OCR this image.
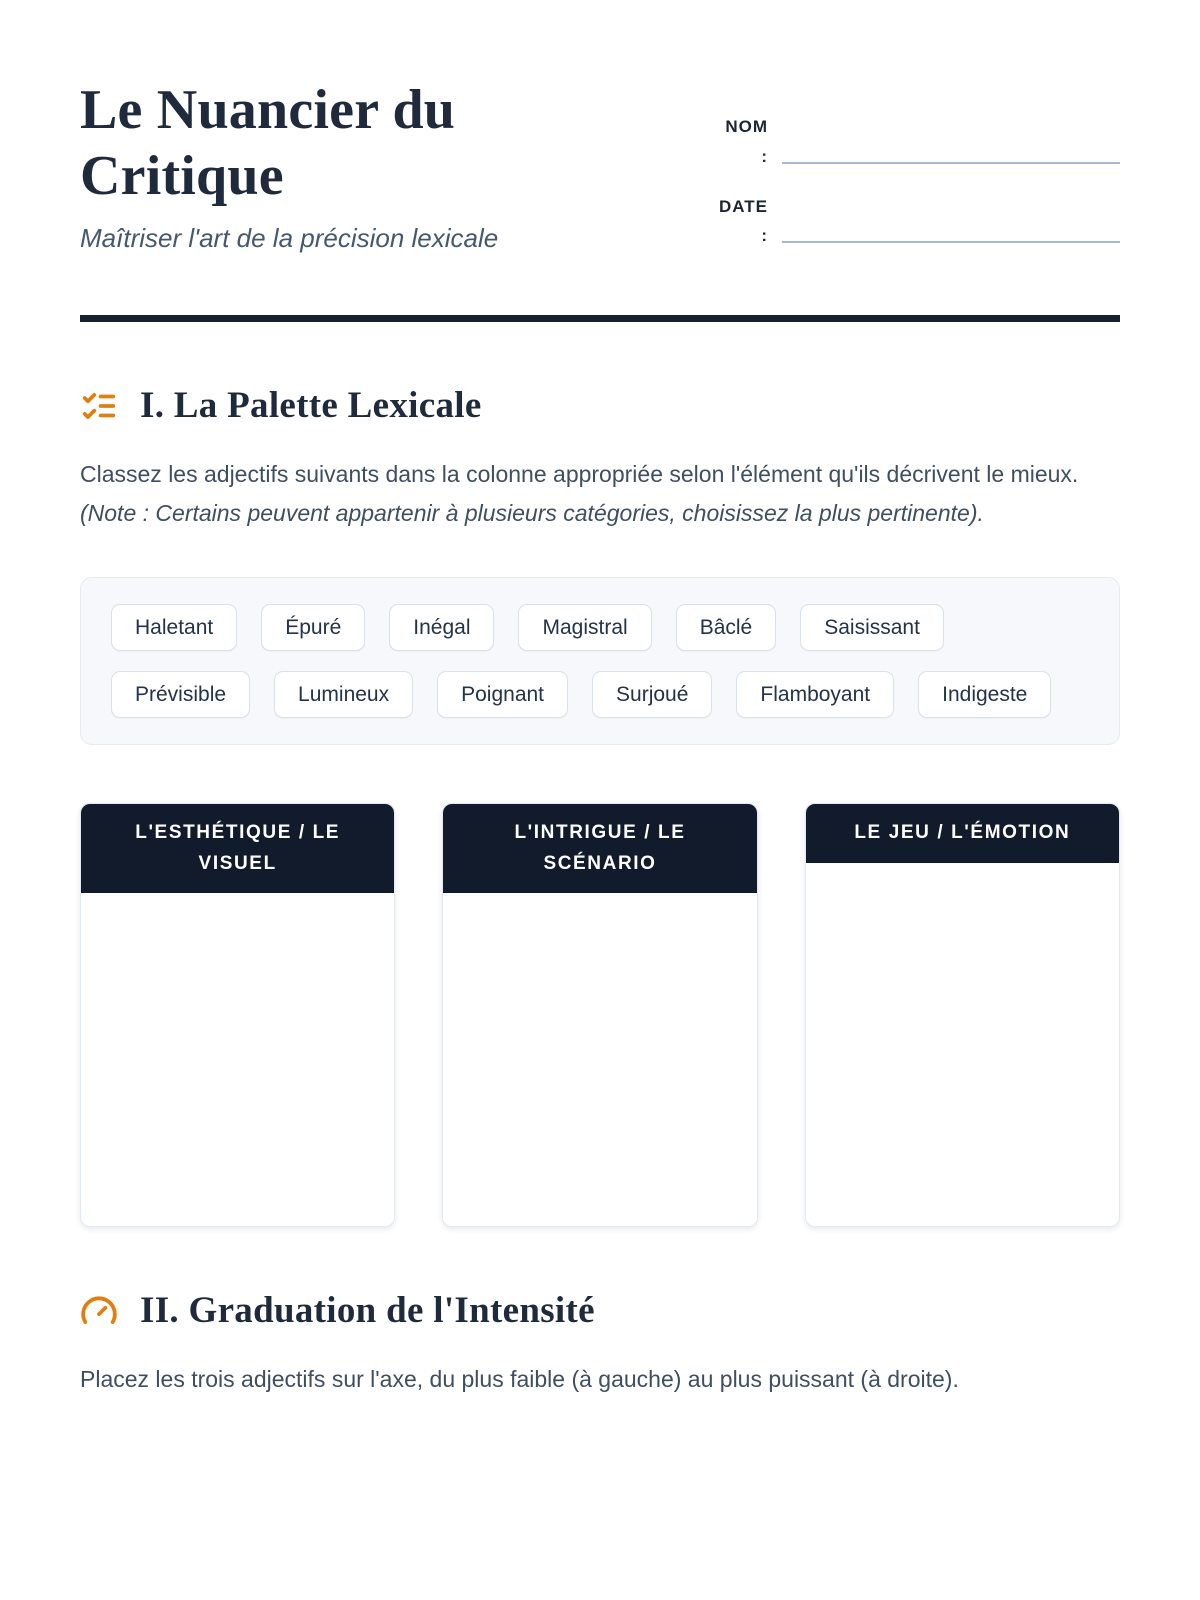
Le Nuancier du Critique

Maîtriser l'art de la précision lexicale

NOM :
DATE :
I. La Palette Lexicale

Classez les adjectifs suivants dans la colonne appropriée selon l'élément qu'ils décrivent le mieux. (Note : Certains peuvent appartenir à plusieurs catégories, choisissez la plus pertinente).

Haletant	Épuré	Inégal	Magistral	Bâclé	Saisissant
Prévisible	Lumineux	Poignant	Surjoué	Flamboyant	Indigeste
L'ESTHÉTIQUE / LE VISUEL
L'INTRIGUE / LE SCÉNARIO
LE JEU / L'ÉMOTION
II. Graduation de l'Intensité

Placez les trois adjectifs sur l'axe, du plus faible (à gauche) au plus puissant (à droite).
